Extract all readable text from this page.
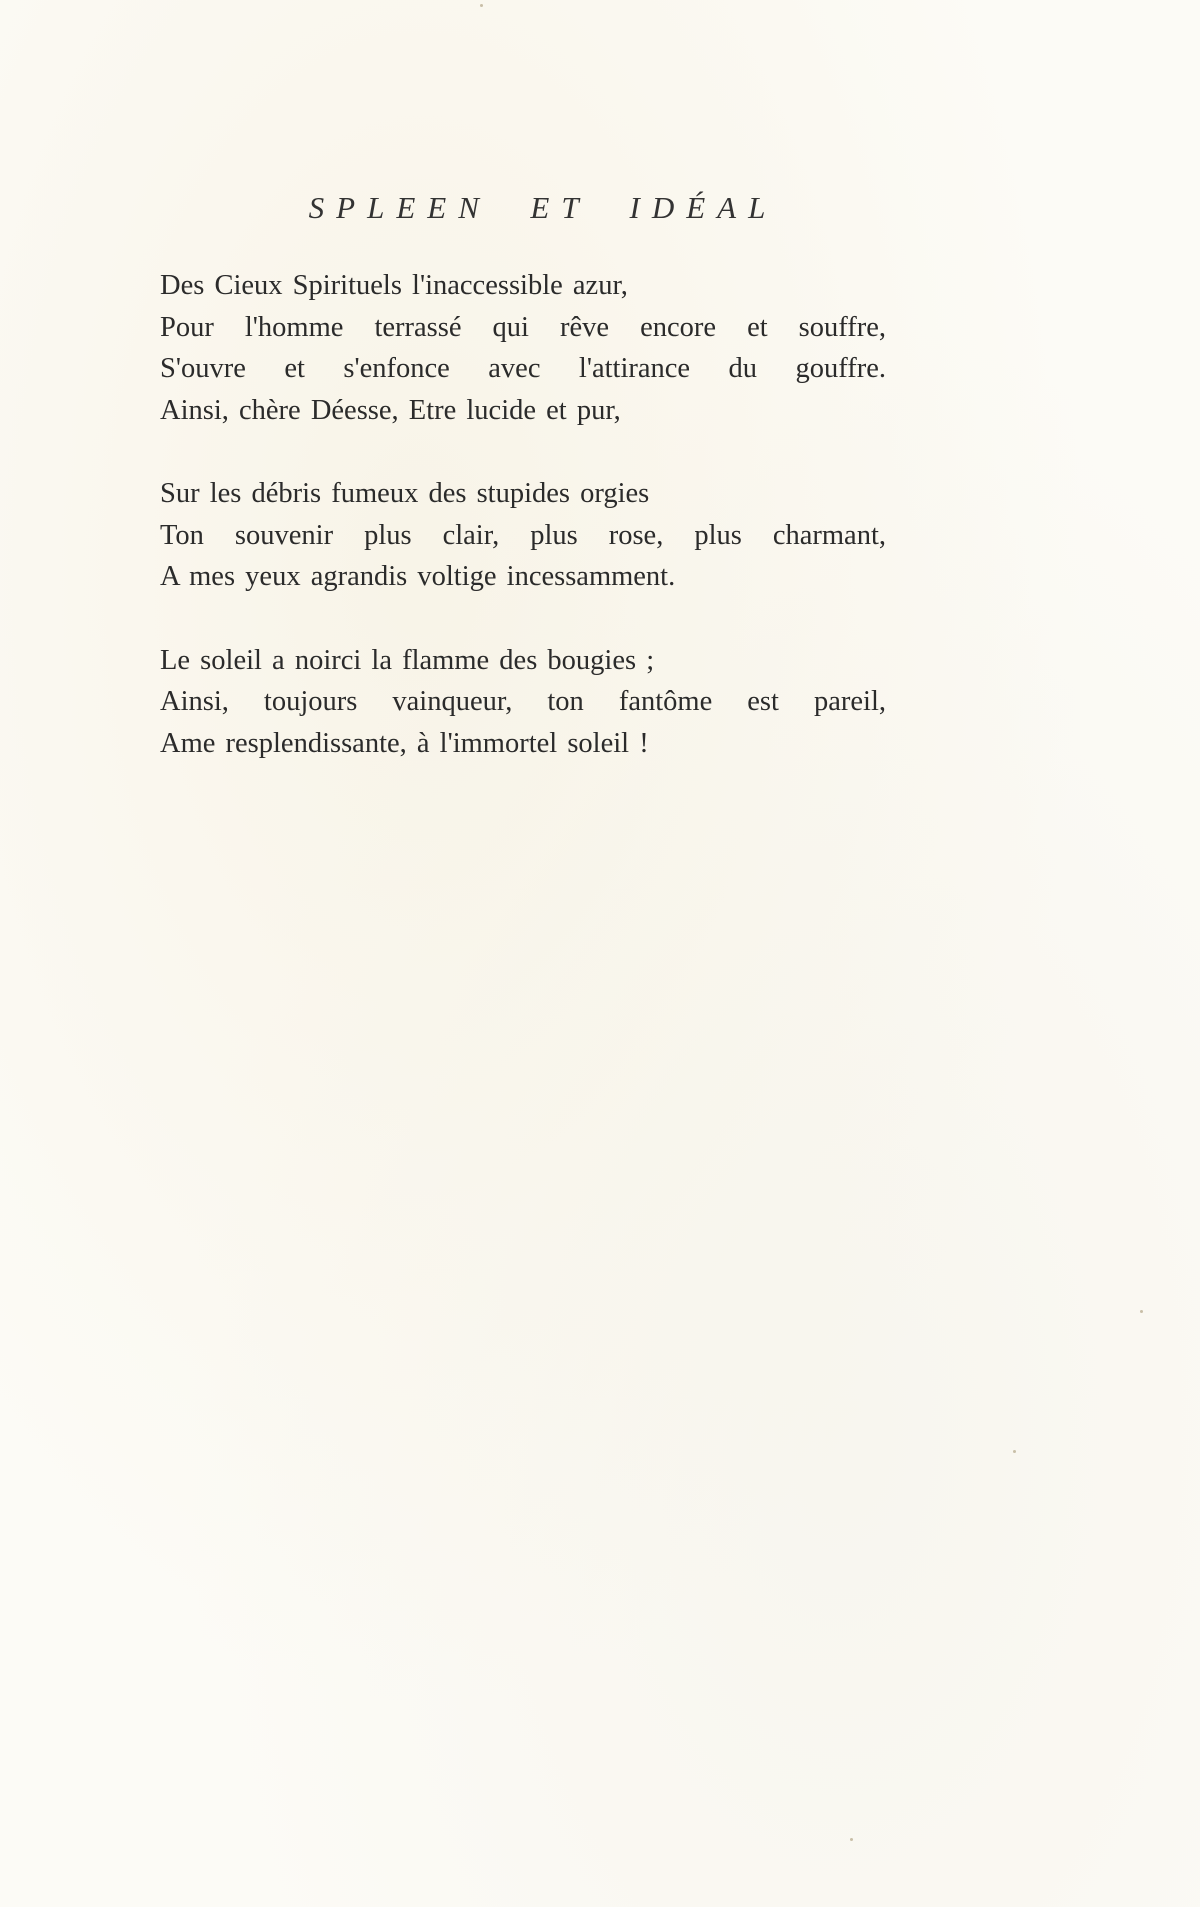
SPLEEN  ET  IDÉAL
Des Cieux Spirituels l'inaccessible azur,
Pour l'homme terrassé qui rêve encore et souffre,
S'ouvre et s'enfonce avec l'attirance du gouffre.
Ainsi, chère Déesse, Etre lucide et pur,
Sur les débris fumeux des stupides orgies
Ton souvenir plus clair, plus rose, plus charmant,
A mes yeux agrandis voltige incessamment.
Le soleil a noirci la flamme des bougies ;
Ainsi, toujours vainqueur, ton fantôme est pareil,
Ame resplendissante, à l'immortel soleil !
